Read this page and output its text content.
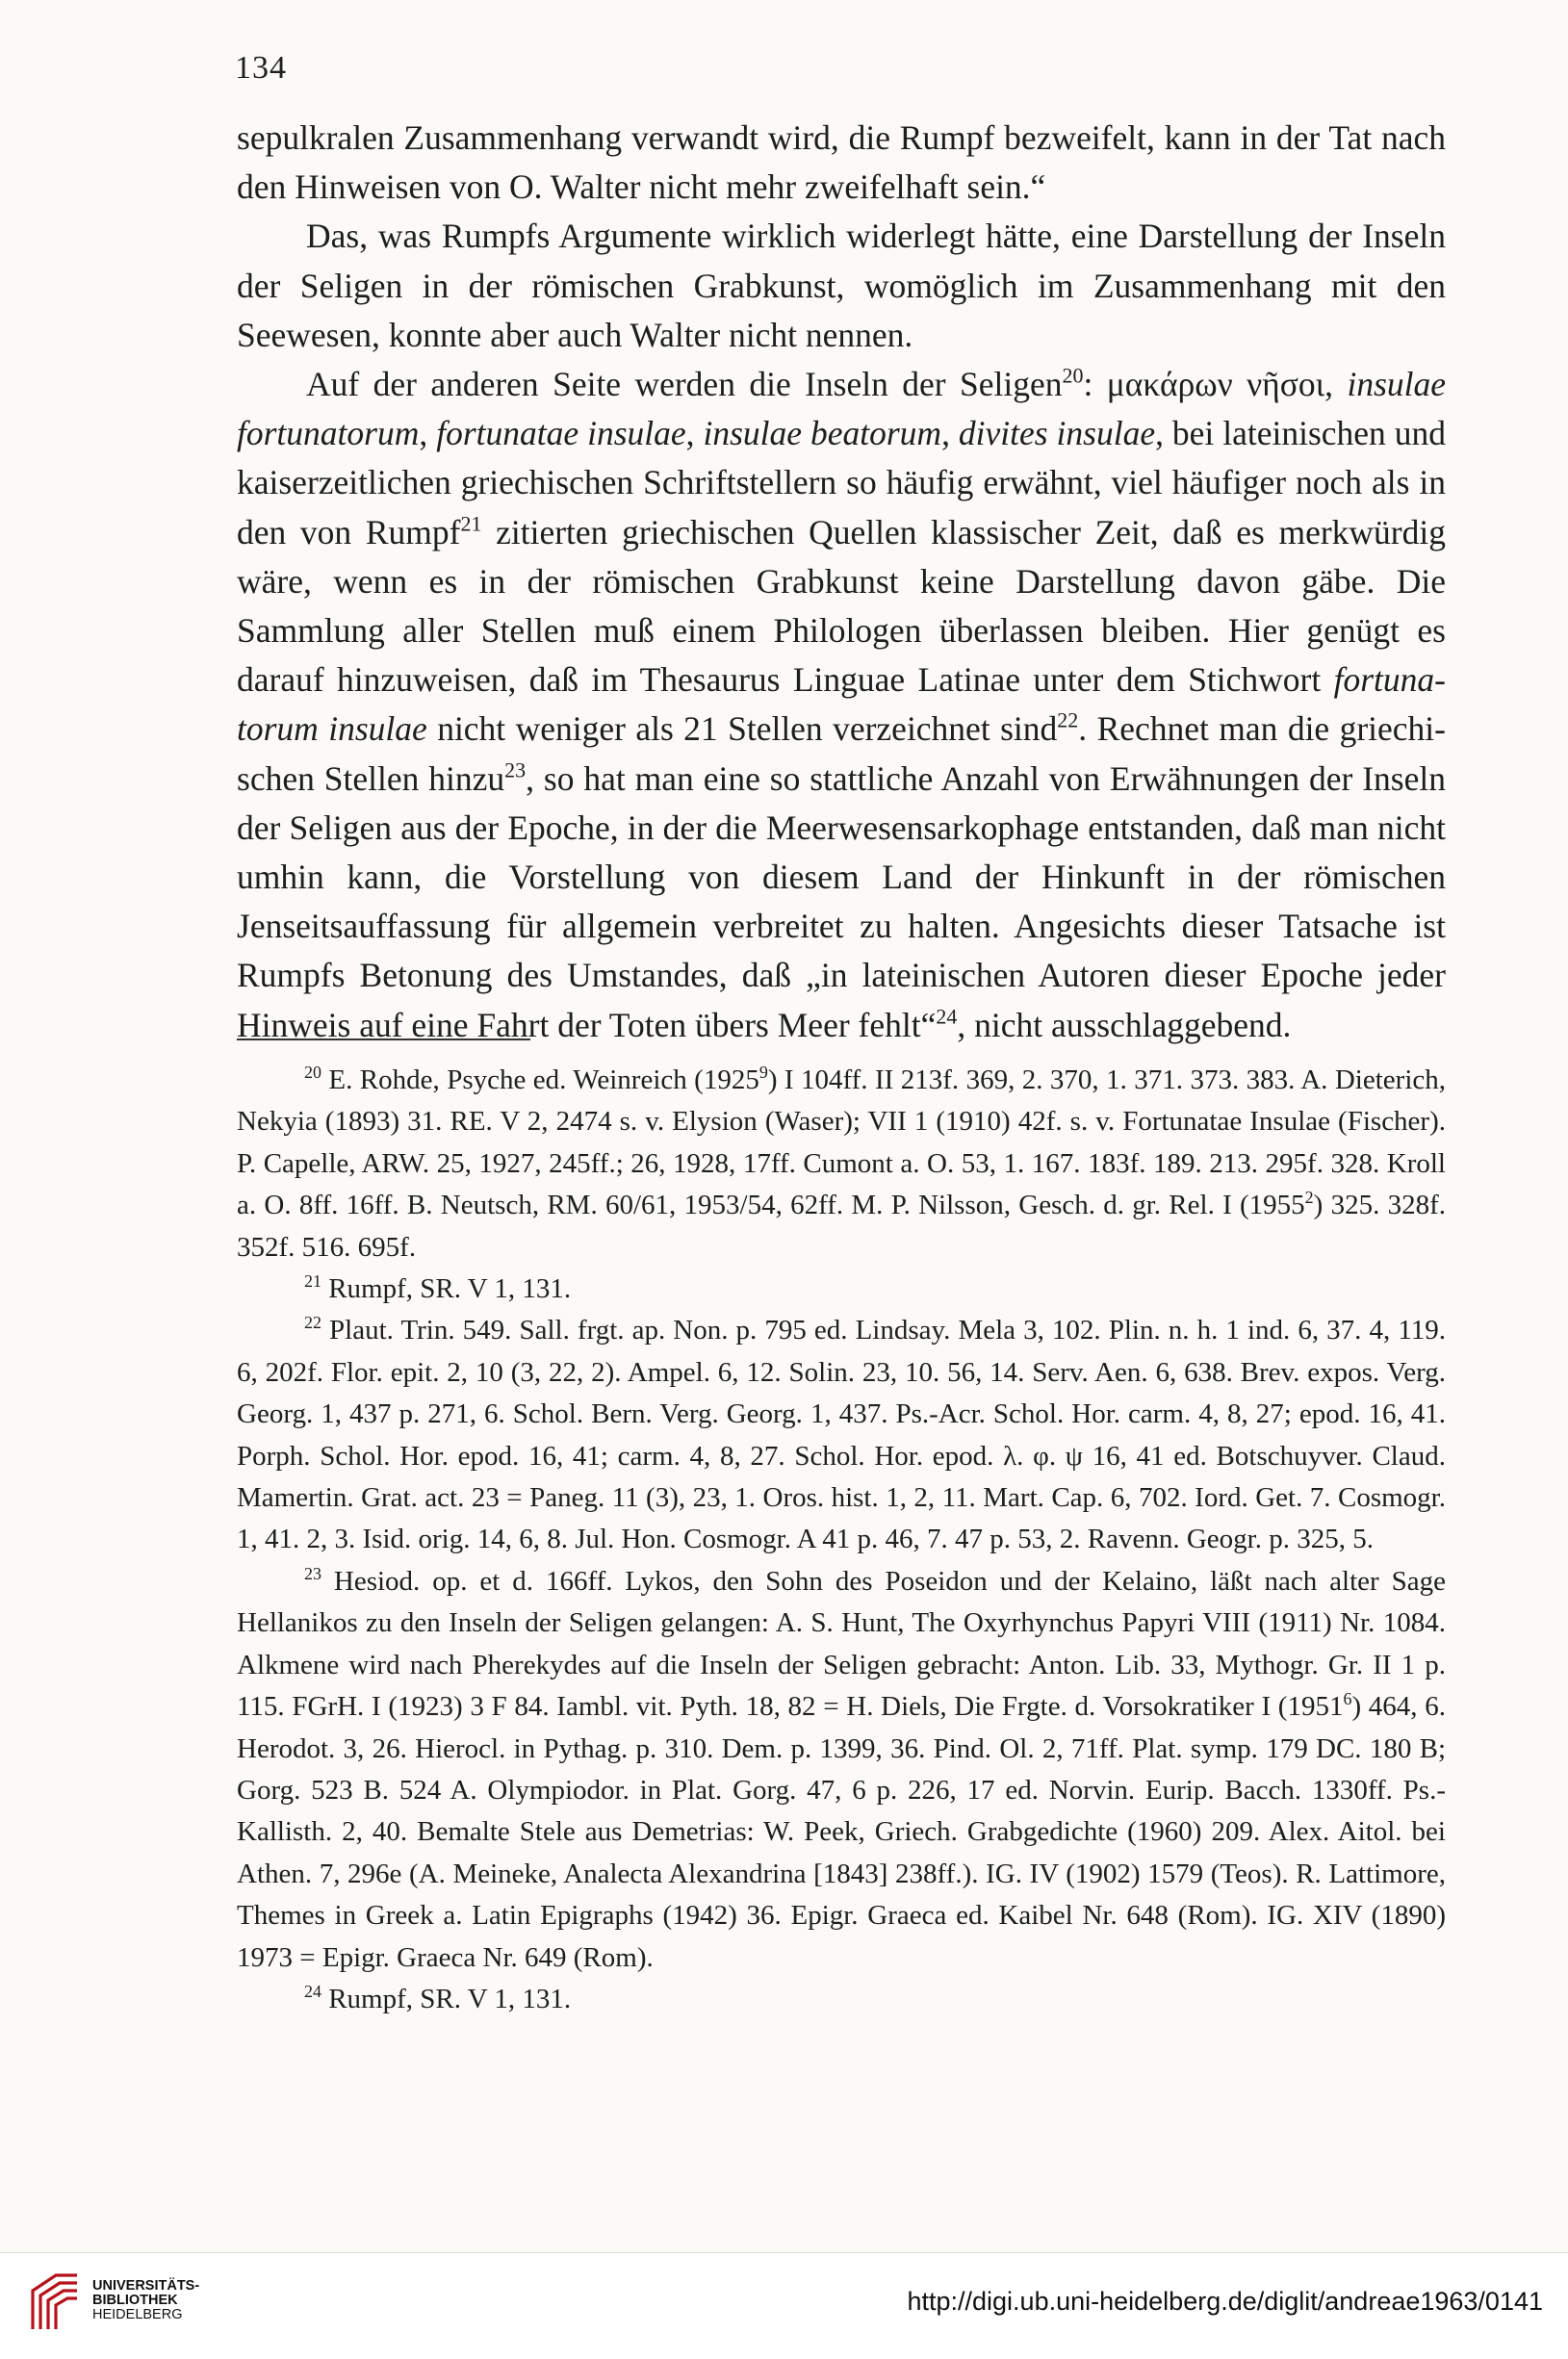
134

sepulkralen Zusammenhang verwandt wird, die Rumpf bezweifelt, kann in der Tat nach den Hinweisen von O. Walter nicht mehr zweifelhaft sein.“

Das, was Rumpfs Argumente wirklich widerlegt hätte, eine Darstellung der Inseln der Seligen in der römischen Grabkunst, womöglich im Zusammenhang mit den Seewesen, konnte aber auch Walter nicht nennen.

Auf der anderen Seite werden die Inseln der Seligen$^{20}$: μακάρων νῆσοι, insulae fortunatorum, fortunatae insulae, insulae beatorum, divites insulae, bei lateinischen und kaiserzeitlichen griechischen Schriftstellern so häufig erwähnt, viel häufiger noch als in den von Rumpf$^{21}$ zitierten griechischen Quellen klassischer Zeit, daß es merkwürdig wäre, wenn es in der römischen Grabkunst keine Darstellung davon gäbe. Die Sammlung aller Stellen muß einem Philologen überlassen bleiben. Hier genügt es darauf hinzuweisen, daß im Thesaurus Linguae Latinae unter dem Stichwort fortunatorum insulae nicht weniger als 21 Stellen verzeichnet sind$^{22}$. Rechnet man die griechischen Stellen hinzu$^{23}$, so hat man eine so stattliche Anzahl von Erwähnungen der Inseln der Seligen aus der Epoche, in der die Meerwesensarkophage entstanden, daß man nicht umhin kann, die Vorstellung von diesem Land der Hinkunft in der römischen Jenseitsauffassung für allgemein verbreitet zu halten. Angesichts dieser Tatsache ist Rumpfs Betonung des Umstandes, daß „in lateinischen Autoren dieser Epoche jeder Hinweis auf eine Fahrt der Toten übers Meer fehlt“$^{24}$, nicht ausschlaggebend.

$^{20}$ E. Rohde, Psyche ed. Weinreich (1925$^9$) I 104ff. II 213f. 369, 2. 370, 1. 371. 373. 383. A. Dieterich, Nekyia (1893) 31. RE. V 2, 2474 s. v. Elysion (Waser); VII 1 (1910) 42f. s. v. Fortunatae Insulae (Fischer). P. Capelle, ARW. 25, 1927, 245ff.; 26, 1928, 17ff. Cumont a. O. 53, 1. 167. 183f. 189. 213. 295f. 328. Kroll a. O. 8ff. 16ff. B. Neutsch, RM. 60/61, 1953/54, 62ff. M. P. Nilsson, Gesch. d. gr. Rel. I (1955$^2$) 325. 328f. 352f. 516. 695f.

$^{21}$ Rumpf, SR. V 1, 131.

$^{22}$ Plaut. Trin. 549. Sall. frgt. ap. Non. p. 795 ed. Lindsay. Mela 3, 102. Plin. n. h. 1 ind. 6, 37. 4, 119. 6, 202f. Flor. epit. 2, 10 (3, 22, 2). Ampel. 6, 12. Solin. 23, 10. 56, 14. Serv. Aen. 6, 638. Brev. expos. Verg. Georg. 1, 437 p. 271, 6. Schol. Bern. Verg. Georg. 1, 437. Ps.-Acr. Schol. Hor. carm. 4, 8, 27; epod. 16, 41. Porph. Schol. Hor. epod. 16, 41; carm. 4, 8, 27. Schol. Hor. epod. λ. φ. ψ 16, 41 ed. Botschuyver. Claud. Mamertin. Grat. act. 23 = Paneg. 11 (3), 23, 1. Oros. hist. 1, 2, 11. Mart. Cap. 6, 702. Iord. Get. 7. Cosmogr. 1, 41. 2, 3. Isid. orig. 14, 6, 8. Jul. Hon. Cosmogr. A 41 p. 46, 7. 47 p. 53, 2. Ravenn. Geogr. p. 325, 5.

$^{23}$ Hesiod. op. et d. 166ff. Lykos, den Sohn des Poseidon und der Kelaino, läßt nach alter Sage Hellanikos zu den Inseln der Seligen gelangen: A. S. Hunt, The Oxyrhynchus Papyri VIII (1911) Nr. 1084. Alkmene wird nach Pherekydes auf die Inseln der Seligen gebracht: Anton. Lib. 33, Mythogr. Gr. II 1 p. 115. FGrH. I (1923) 3 F 84. Iambl. vit. Pyth. 18, 82 = H. Diels, Die Frgte. d. Vorsokratiker I (1951$^6$) 464, 6. Herodot. 3, 26. Hierocl. in Pythag. p. 310. Dem. p. 1399, 36. Pind. Ol. 2, 71ff. Plat. symp. 179 DC. 180 B; Gorg. 523 B. 524 A. Olympiodor. in Plat. Gorg. 47, 6 p. 226, 17 ed. Norvin. Eurip. Bacch. 1330ff. Ps.-Kallisth. 2, 40. Bemalte Stele aus Demetrias: W. Peek, Griech. Grabgedichte (1960) 209. Alex. Aitol. bei Athen. 7, 296e (A. Meineke, Analecta Alexandrina [1843] 238ff.). IG. IV (1902) 1579 (Teos). R. Lattimore, Themes in Greek a. Latin Epigraphs (1942) 36. Epigr. Graeca ed. Kaibel Nr. 648 (Rom). IG. XIV (1890) 1973 = Epigr. Graeca Nr. 649 (Rom).

$^{24}$ Rumpf, SR. V 1, 131.

UNIVERSITÄTS-
BIBLIOTHEK
HEIDELBERG	http://digi.ub.uni-heidelberg.de/diglit/andreae1963/0141
